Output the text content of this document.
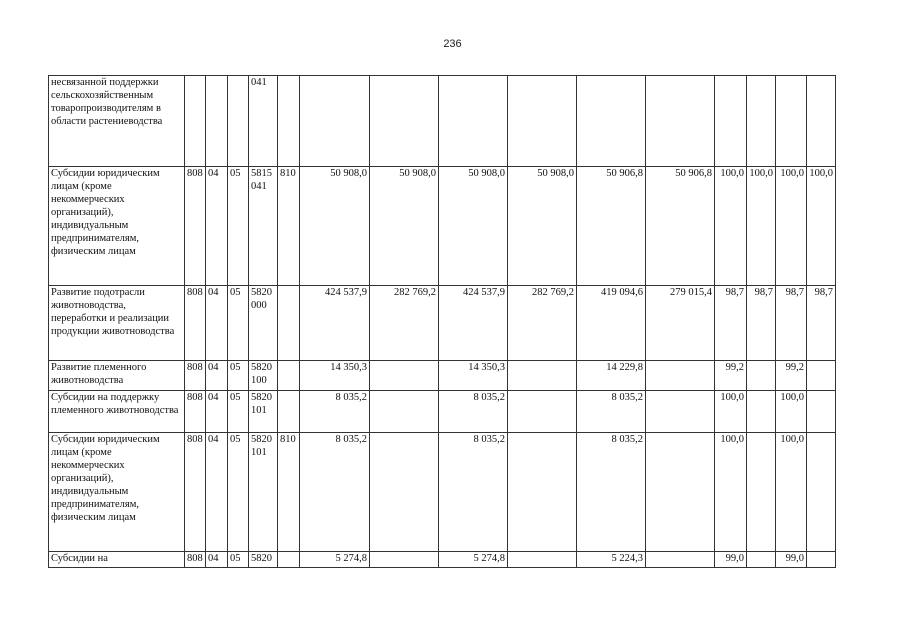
236
несвязанной поддержки сельскохозяйственным товаропроизводителям в области растениеводства				041											
Субсидии юридическим лицам (кроме некоммерческих организаций), индивидуальным предпринимателям, физическим лицам	808	04	05	5815 041	810	50 908,0	50 908,0	50 908,0	50 908,0	50 906,8	50 906,8	100,0	100,0	100,0	100,0
Развитие подотрасли животноводства, переработки и реализации продукции животноводства	808	04	05	5820 000		424 537,9	282 769,2	424 537,9	282 769,2	419 094,6	279 015,4	98,7	98,7	98,7	98,7
Развитие племенного животноводства	808	04	05	5820 100		14 350,3		14 350,3		14 229,8		99,2		99,2	
Субсидии на поддержку племенного животноводства	808	04	05	5820 101		8 035,2		8 035,2		8 035,2		100,0		100,0	
Субсидии юридическим лицам (кроме некоммерческих организаций), индивидуальным предпринимателям, физическим лицам	808	04	05	5820 101	810	8 035,2		8 035,2		8 035,2		100,0		100,0	
Субсидии на	808	04	05	5820		5 274,8		5 274,8		5 224,3		99,0		99,0	
